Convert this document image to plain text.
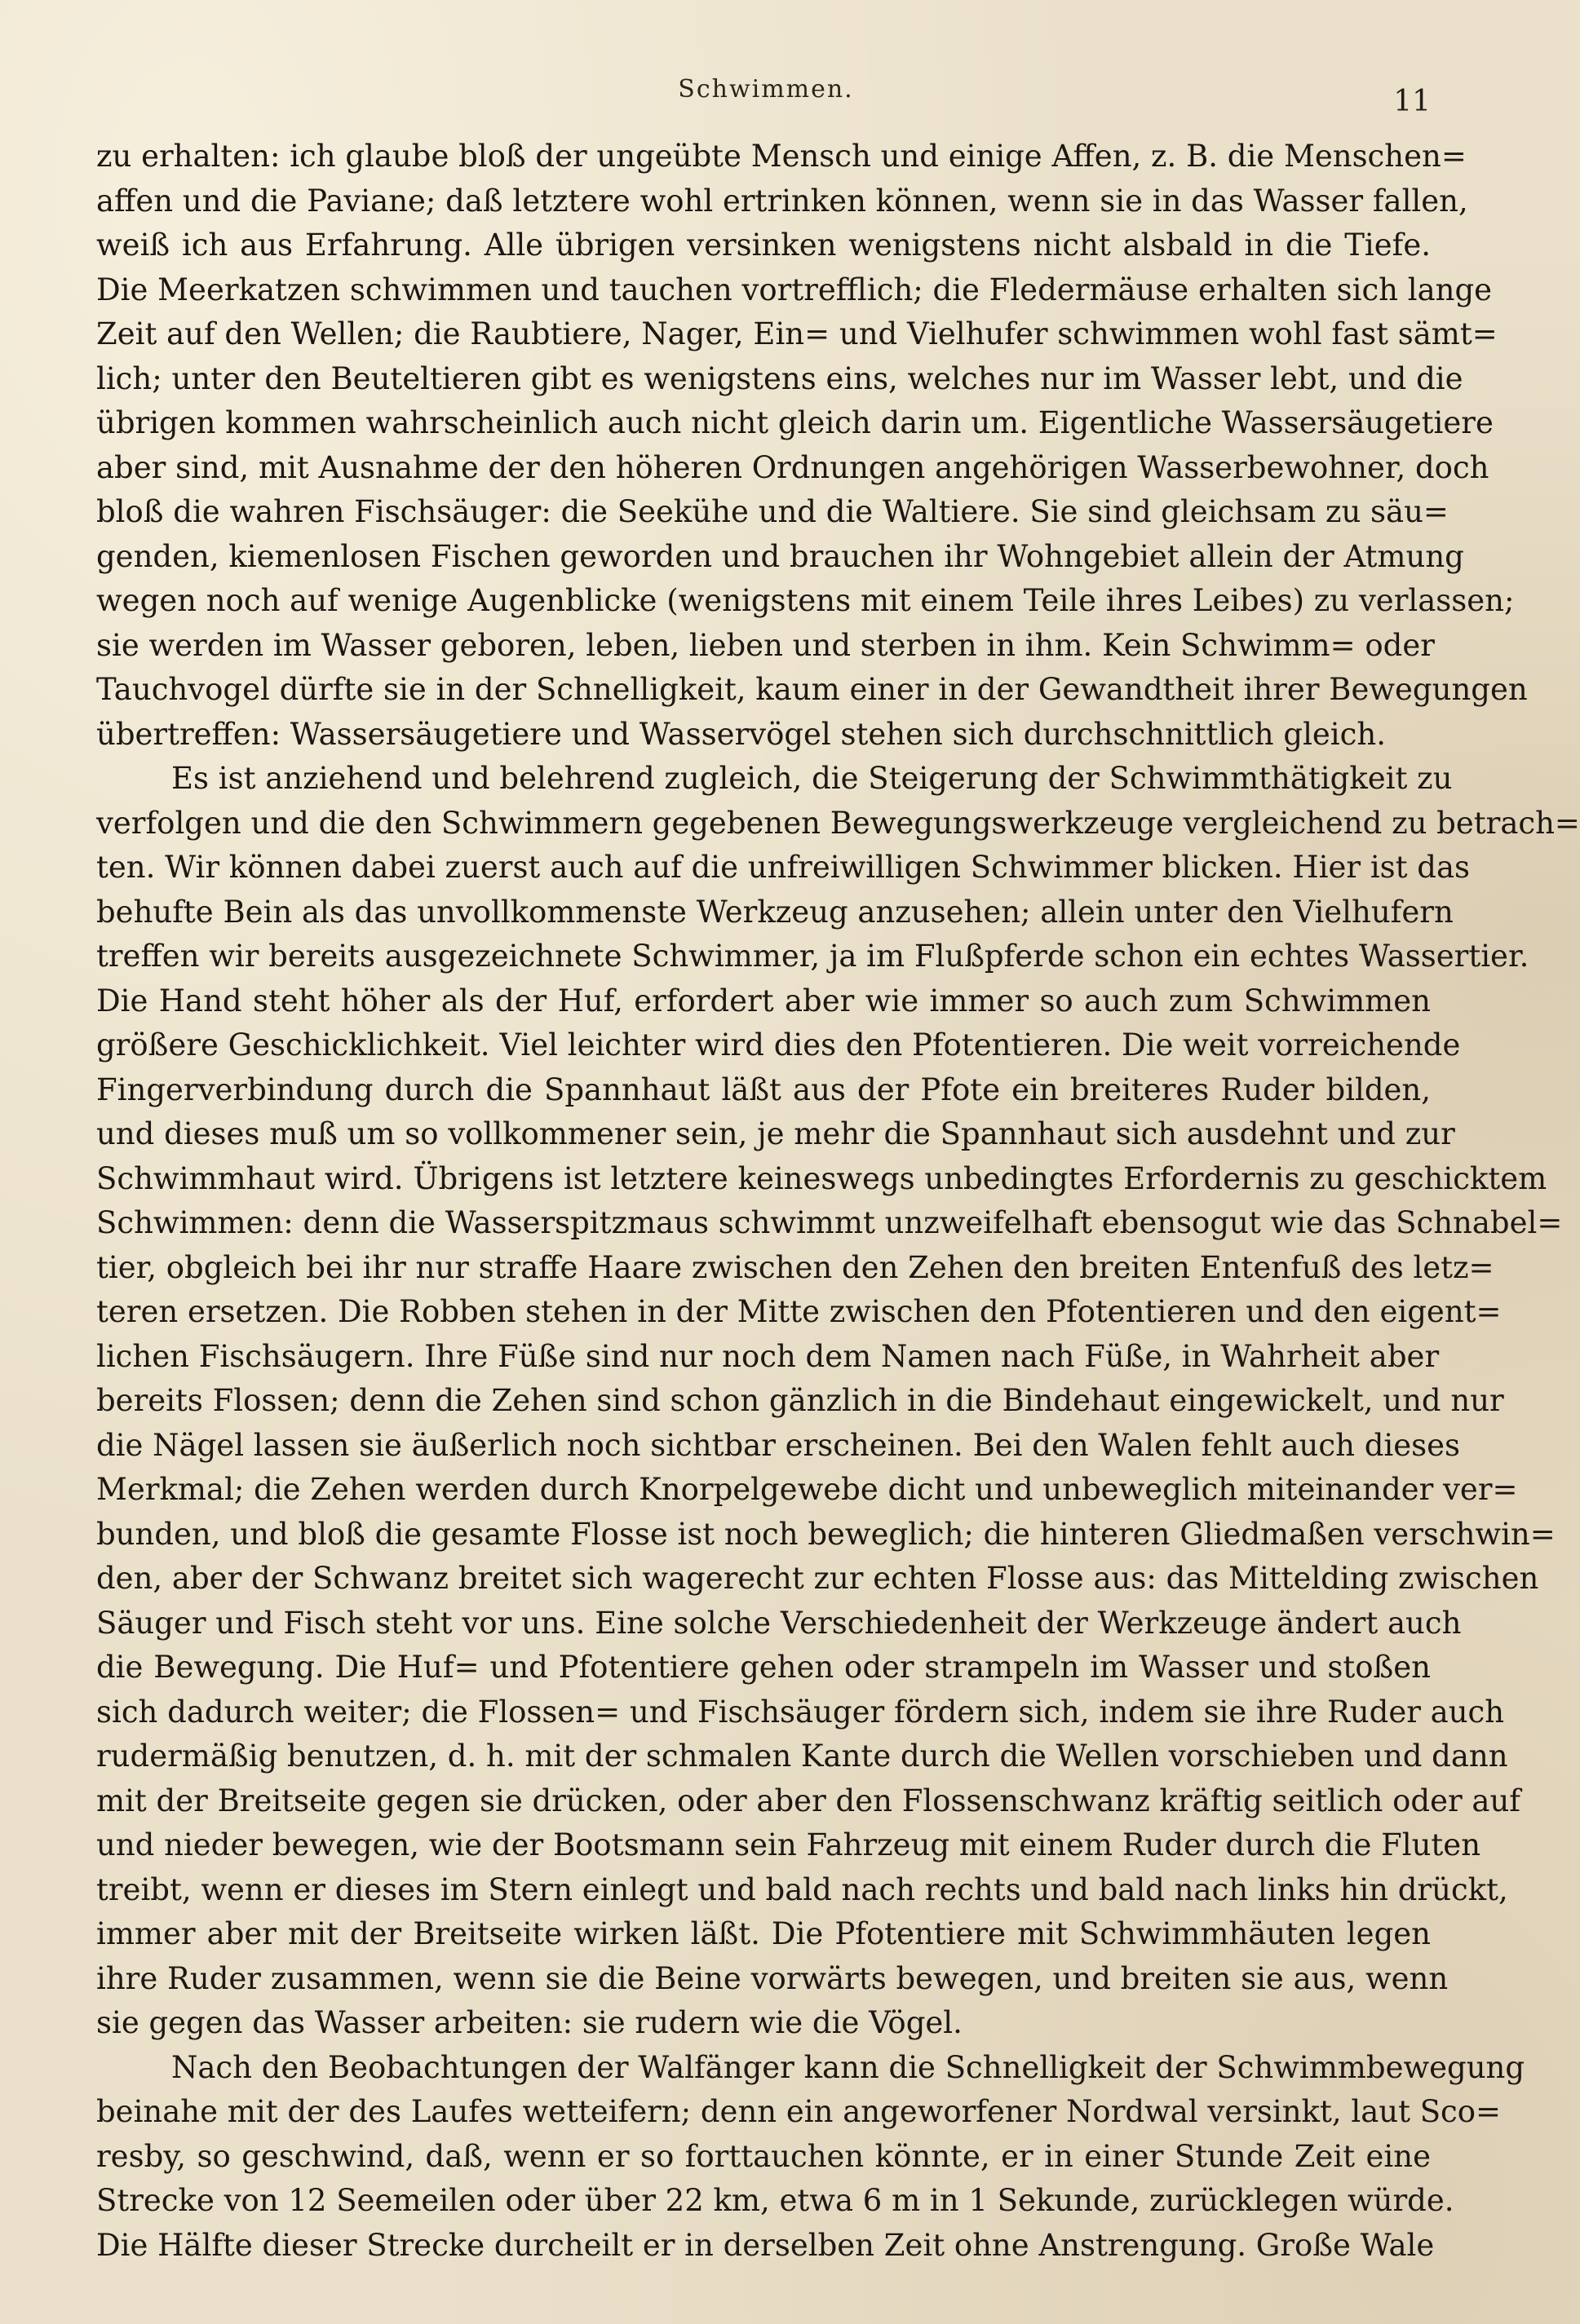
Schwimmen.	11
zu erhalten: ich glaube bloß der ungeübte Mensch und einige Affen, z. B. die Menschen=
affen und die Paviane; daß letztere wohl ertrinken können, wenn sie in das Wasser fallen,
weiß ich aus Erfahrung. Alle übrigen versinken wenigstens nicht alsbald in die Tiefe.
Die Meerkatzen schwimmen und tauchen vortrefflich; die Fledermäuse erhalten sich lange
Zeit auf den Wellen; die Raubtiere, Nager, Ein= und Vielhufer schwimmen wohl fast sämt=
lich; unter den Beuteltieren gibt es wenigstens eins, welches nur im Wasser lebt, und die
übrigen kommen wahrscheinlich auch nicht gleich darin um. Eigentliche Wassersäugetiere
aber sind, mit Ausnahme der den höheren Ordnungen angehörigen Wasserbewohner, doch
bloß die wahren Fischsäuger: die Seekühe und die Waltiere. Sie sind gleichsam zu säu=
genden, kiemenlosen Fischen geworden und brauchen ihr Wohngebiet allein der Atmung
wegen noch auf wenige Augenblicke (wenigstens mit einem Teile ihres Leibes) zu verlassen;
sie werden im Wasser geboren, leben, lieben und sterben in ihm. Kein Schwimm= oder
Tauchvogel dürfte sie in der Schnelligkeit, kaum einer in der Gewandtheit ihrer Bewegungen
übertreffen: Wassersäugetiere und Wasservögel stehen sich durchschnittlich gleich.
Es ist anziehend und belehrend zugleich, die Steigerung der Schwimmthätigkeit zu
verfolgen und die den Schwimmern gegebenen Bewegungswerkzeuge vergleichend zu betrach=
ten. Wir können dabei zuerst auch auf die unfreiwilligen Schwimmer blicken. Hier ist das
behufte Bein als das unvollkommenste Werkzeug anzusehen; allein unter den Vielhufern
treffen wir bereits ausgezeichnete Schwimmer, ja im Flußpferde schon ein echtes Wassertier.
Die Hand steht höher als der Huf, erfordert aber wie immer so auch zum Schwimmen
größere Geschicklichkeit. Viel leichter wird dies den Pfotentieren. Die weit vorreichende
Fingerverbindung durch die Spannhaut läßt aus der Pfote ein breiteres Ruder bilden,
und dieses muß um so vollkommener sein, je mehr die Spannhaut sich ausdehnt und zur
Schwimmhaut wird. Übrigens ist letztere keineswegs unbedingtes Erfordernis zu geschicktem
Schwimmen: denn die Wasserspitzmaus schwimmt unzweifelhaft ebensogut wie das Schnabel=
tier, obgleich bei ihr nur straffe Haare zwischen den Zehen den breiten Entenfuß des letz=
teren ersetzen. Die Robben stehen in der Mitte zwischen den Pfotentieren und den eigent=
lichen Fischsäugern. Ihre Füße sind nur noch dem Namen nach Füße, in Wahrheit aber
bereits Flossen; denn die Zehen sind schon gänzlich in die Bindehaut eingewickelt, und nur
die Nägel lassen sie äußerlich noch sichtbar erscheinen. Bei den Walen fehlt auch dieses
Merkmal; die Zehen werden durch Knorpelgewebe dicht und unbeweglich miteinander ver=
bunden, und bloß die gesamte Flosse ist noch beweglich; die hinteren Gliedmaßen verschwin=
den, aber der Schwanz breitet sich wagerecht zur echten Flosse aus: das Mittelding zwischen
Säuger und Fisch steht vor uns. Eine solche Verschiedenheit der Werkzeuge ändert auch
die Bewegung. Die Huf= und Pfotentiere gehen oder strampeln im Wasser und stoßen
sich dadurch weiter; die Flossen= und Fischsäuger fördern sich, indem sie ihre Ruder auch
rudermäßig benutzen, d. h. mit der schmalen Kante durch die Wellen vorschieben und dann
mit der Breitseite gegen sie drücken, oder aber den Flossenschwanz kräftig seitlich oder auf
und nieder bewegen, wie der Bootsmann sein Fahrzeug mit einem Ruder durch die Fluten
treibt, wenn er dieses im Stern einlegt und bald nach rechts und bald nach links hin drückt,
immer aber mit der Breitseite wirken läßt. Die Pfotentiere mit Schwimmhäuten legen
ihre Ruder zusammen, wenn sie die Beine vorwärts bewegen, und breiten sie aus, wenn
sie gegen das Wasser arbeiten: sie rudern wie die Vögel.
Nach den Beobachtungen der Walfänger kann die Schnelligkeit der Schwimmbewegung
beinahe mit der des Laufes wetteifern; denn ein angeworfener Nordwal versinkt, laut Sco=
resby, so geschwind, daß, wenn er so forttauchen könnte, er in einer Stunde Zeit eine
Strecke von 12 Seemeilen oder über 22 km, etwa 6 m in 1 Sekunde, zurücklegen würde.
Die Hälfte dieser Strecke durcheilt er in derselben Zeit ohne Anstrengung. Große Wale
